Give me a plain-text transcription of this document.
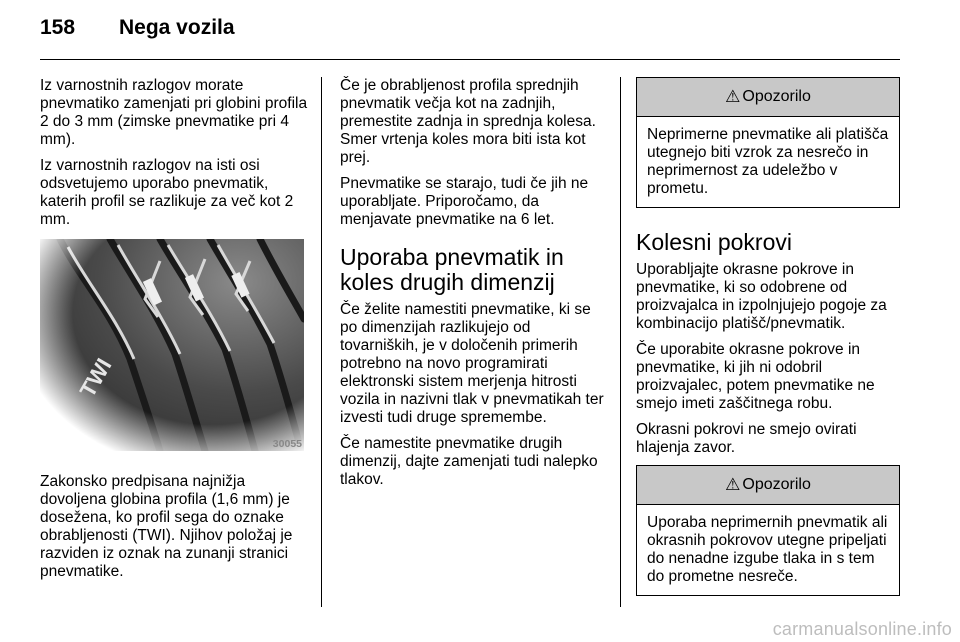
158 Nega vozila

Iz varnostnih razlogov morate pnevmatiko zamenjati pri globini profila 2 do 3 mm (zimske pnevmatike pri 4 mm).

Iz varnostnih razlogov na isti osi odsvetujemo uporabo pnevmatik, katerih profil se razlikuje za več kot 2 mm.

TWI
30055

Zakonsko predpisana najnižja dovoljena globina profila (1,6 mm) je dosežena, ko profil sega do oznake obrabljenosti (TWI). Njihov položaj je razviden iz oznak na zunanji stranici pnevmatike.

Če je obrabljenost profila sprednjih pnevmatik večja kot na zadnjih, premestite zadnja in sprednja kolesa. Smer vrtenja koles mora biti ista kot prej.

Pnevmatike se starajo, tudi če jih ne uporabljate. Priporočamo, da menjavate pnevmatike na 6 let.

Uporaba pnevmatik in koles drugih dimenzij

Če želite namestiti pnevmatike, ki se po dimenzijah razlikujejo od tovarniških, je v določenih primerih potrebno na novo programirati elektronski sistem merjenja hitrosti vozila in nazivni tlak v pnevmatikah ter izvesti tudi druge spremembe.

Če namestite pnevmatike drugih dimenzij, dajte zamenjati tudi nalepko tlakov.

⚠ Opozorilo
Neprimerne pnevmatike ali platišča utegnejo biti vzrok za nesrečo in neprimernost za udeležbo v prometu.
Kolesni pokrovi

Uporabljajte okrasne pokrove in pnevmatike, ki so odobrene od proizvajalca in izpolnjujejo pogoje za kombinacijo platišč/pnevmatik.

Če uporabite okrasne pokrove in pnevmatike, ki jih ni odobril proizvajalec, potem pnevmatike ne smejo imeti zaščitnega robu.

Okrasni pokrovi ne smejo ovirati hlajenja zavor.

⚠ Opozorilo
Uporaba neprimernih pnevmatik ali okrasnih pokrovov utegne pripeljati do nenadne izgube tlaka in s tem do prometne nesreče.
carmanualsonline.info
